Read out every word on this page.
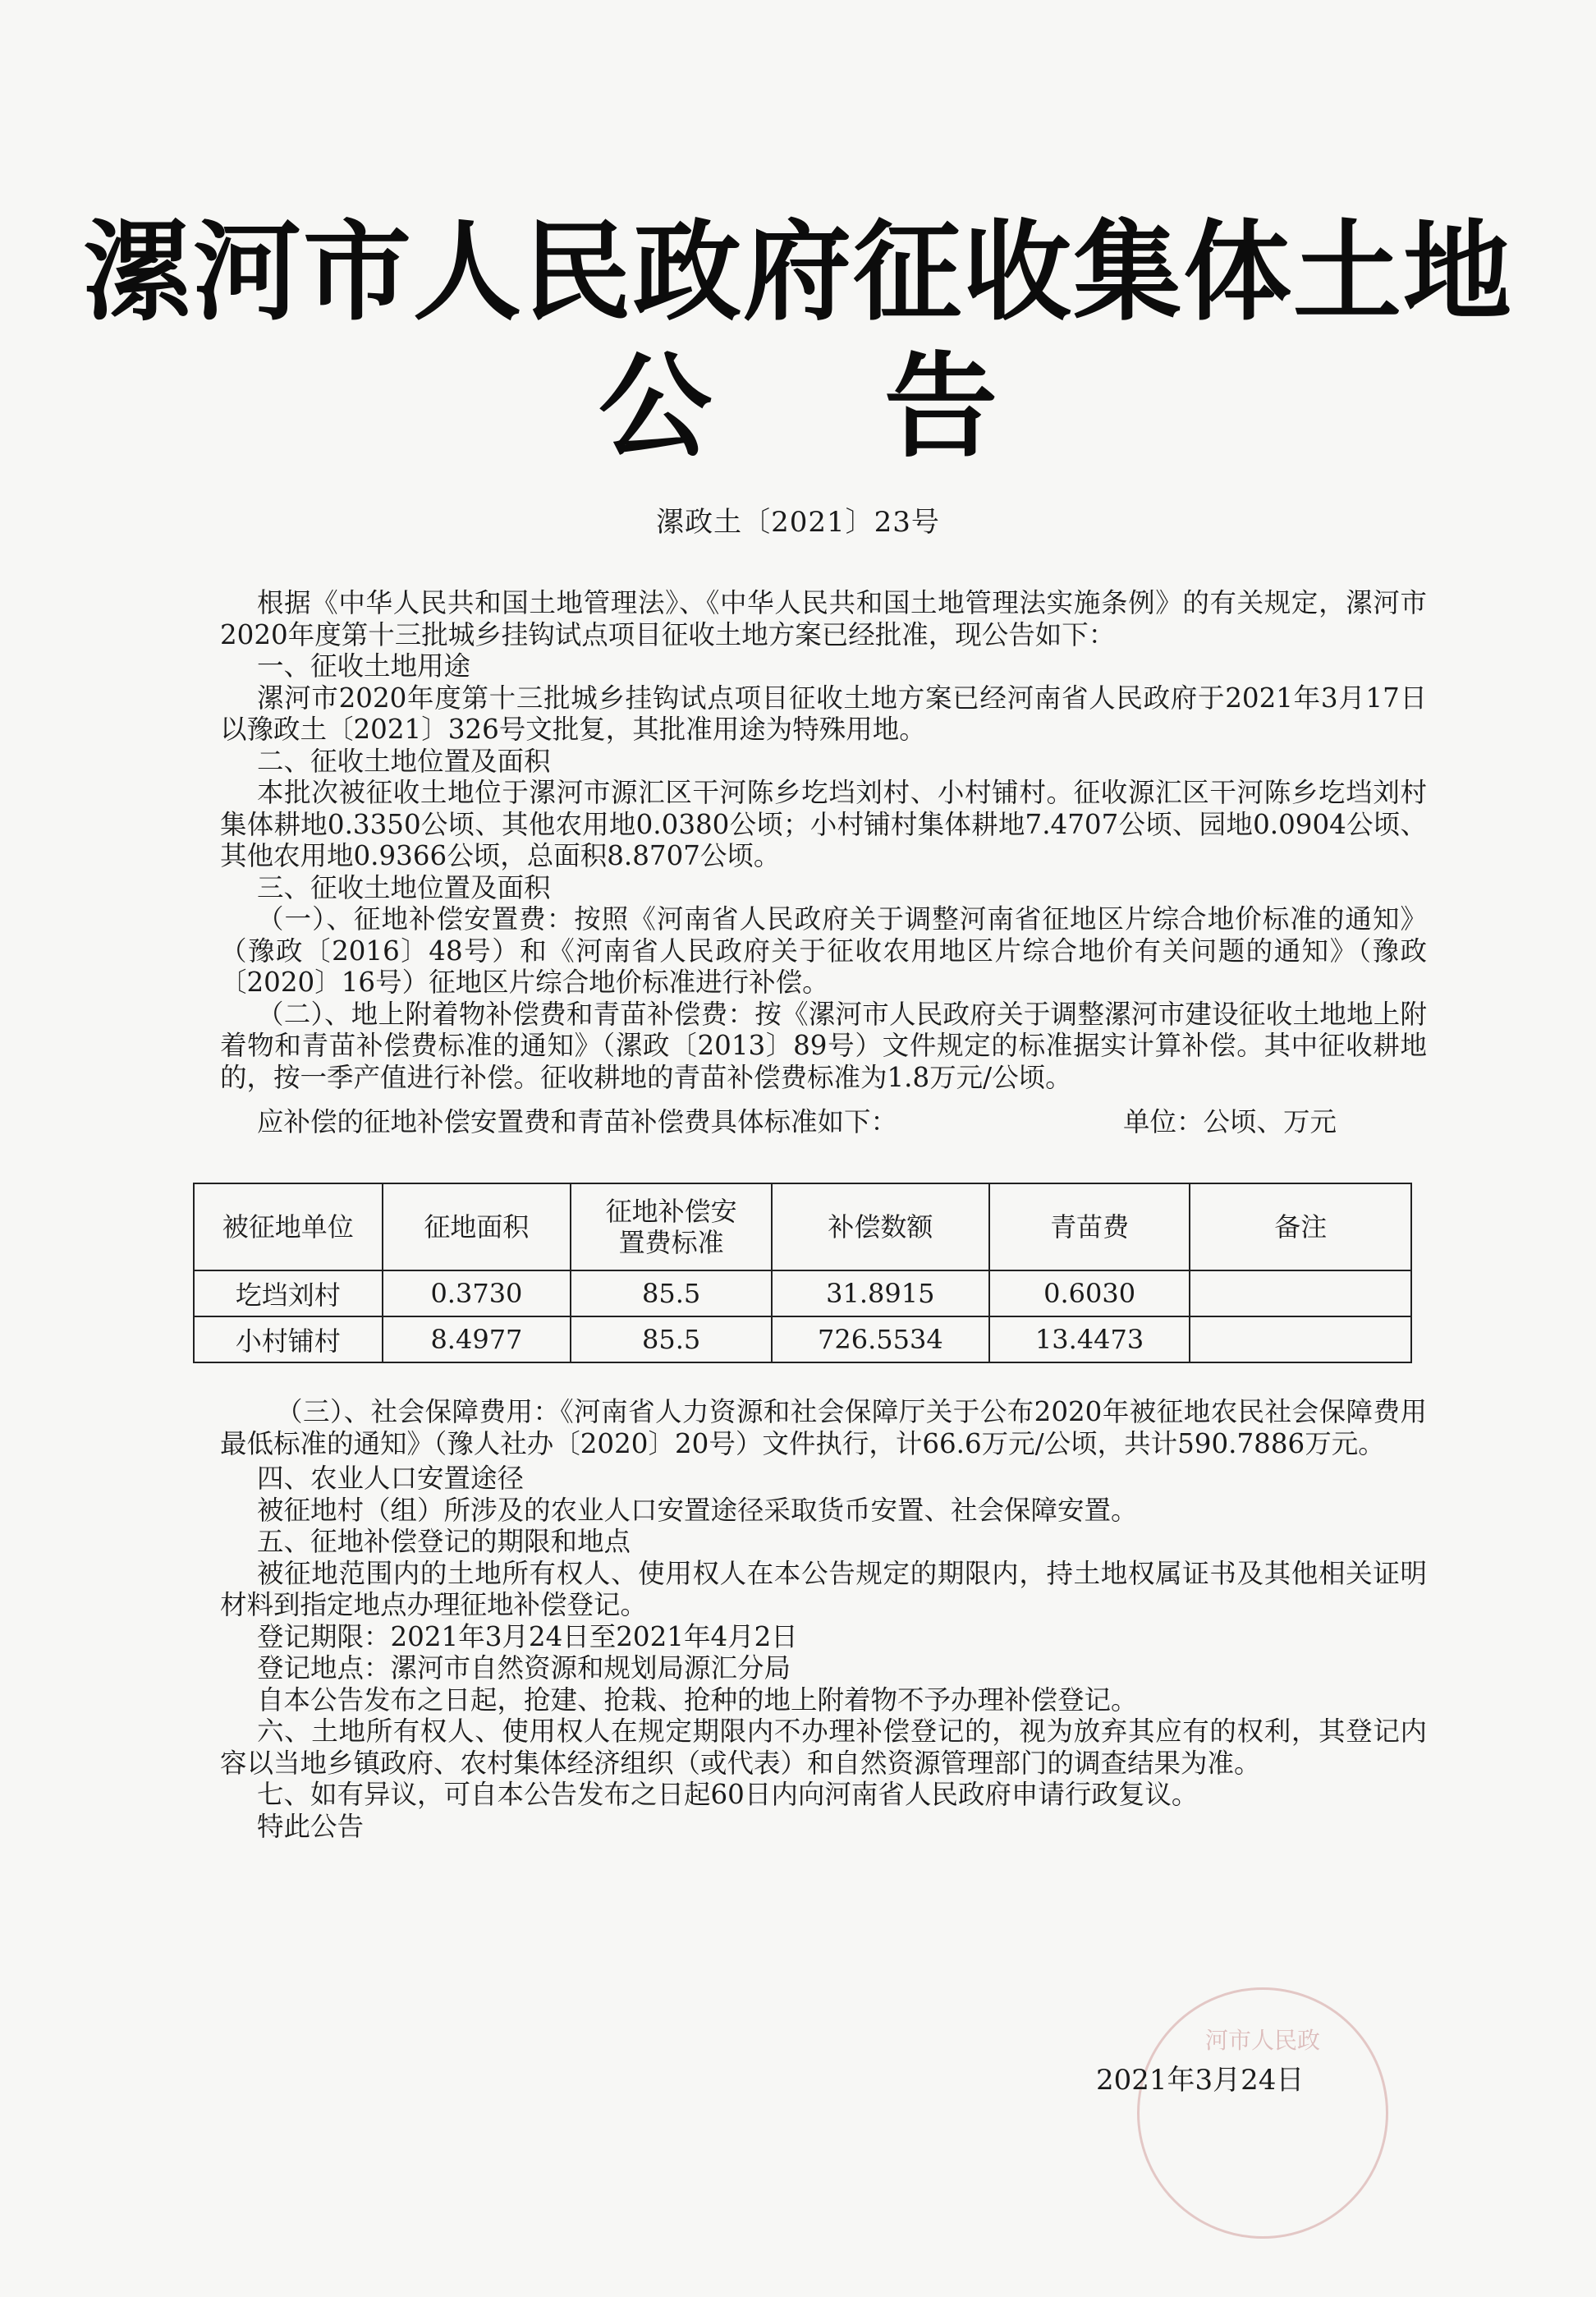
漯河市人民政府征收集体土地
公告
漯政土〔2021〕23号

根据《中华人民共和国土地管理法》、《中华人民共和国土地管理法实施条例》的有关规定，漯河市2020年度第十三批城乡挂钩试点项目征收土地方案已经批准，现公告如下：

一、征收土地用途

漯河市2020年度第十三批城乡挂钩试点项目征收土地方案已经河南省人民政府于2021年3月17日以豫政土〔2021〕326号文批复，其批准用途为特殊用地。

二、征收土地位置及面积

本批次被征收土地位于漯河市源汇区干河陈乡圪垱刘村、小村铺村。征收源汇区干河陈乡圪垱刘村集体耕地0.3350公顷、其他农用地0.0380公顷；小村铺村集体耕地7.4707公顷、园地0.0904公顷、其他农用地0.9366公顷，总面积8.8707公顷。

三、征收土地位置及面积

（一）、征地补偿安置费：按照《河南省人民政府关于调整河南省征地区片综合地价标准的通知》（豫政〔2016〕48号）和《河南省人民政府关于征收农用地区片综合地价有关问题的通知》（豫政〔2020〕16号）征地区片综合地价标准进行补偿。

（二）、地上附着物补偿费和青苗补偿费：按《漯河市人民政府关于调整漯河市建设征收土地地上附着物和青苗补偿费标准的通知》（漯政〔2013〕89号）文件规定的标准据实计算补偿。其中征收耕地的，按一季产值进行补偿。征收耕地的青苗补偿费标准为1.8万元/公顷。

应补偿的征地补偿安置费和青苗补偿费具体标准如下：	单位：公顷、万元
被征地单位	征地面积	征地补偿安置费标准	补偿数额	青苗费	备注
圪垱刘村	0.3730	85.5	31.8915	0.6030	
小村铺村	8.4977	85.5	726.5534	13.4473	

（三）、社会保障费用：《河南省人力资源和社会保障厅关于公布2020年被征地农民社会保障费用最低标准的通知》（豫人社办〔2020〕20号）文件执行，计66.6万元/公顷，共计590.7886万元。

四、农业人口安置途径

被征地村（组）所涉及的农业人口安置途径采取货币安置、社会保障安置。

五、征地补偿登记的期限和地点

被征地范围内的土地所有权人、使用权人在本公告规定的期限内，持土地权属证书及其他相关证明材料到指定地点办理征地补偿登记。

登记期限：2021年3月24日至2021年4月2日

登记地点：漯河市自然资源和规划局源汇分局

自本公告发布之日起，抢建、抢栽、抢种的地上附着物不予办理补偿登记。

六、土地所有权人、使用权人在规定期限内不办理补偿登记的，视为放弃其应有的权利，其登记内容以当地乡镇政府、农村集体经济组织（或代表）和自然资源管理部门的调查结果为准。

七、如有异议，可自本公告发布之日起60日内向河南省人民政府申请行政复议。

特此公告

河市人民政
2021年3月24日
